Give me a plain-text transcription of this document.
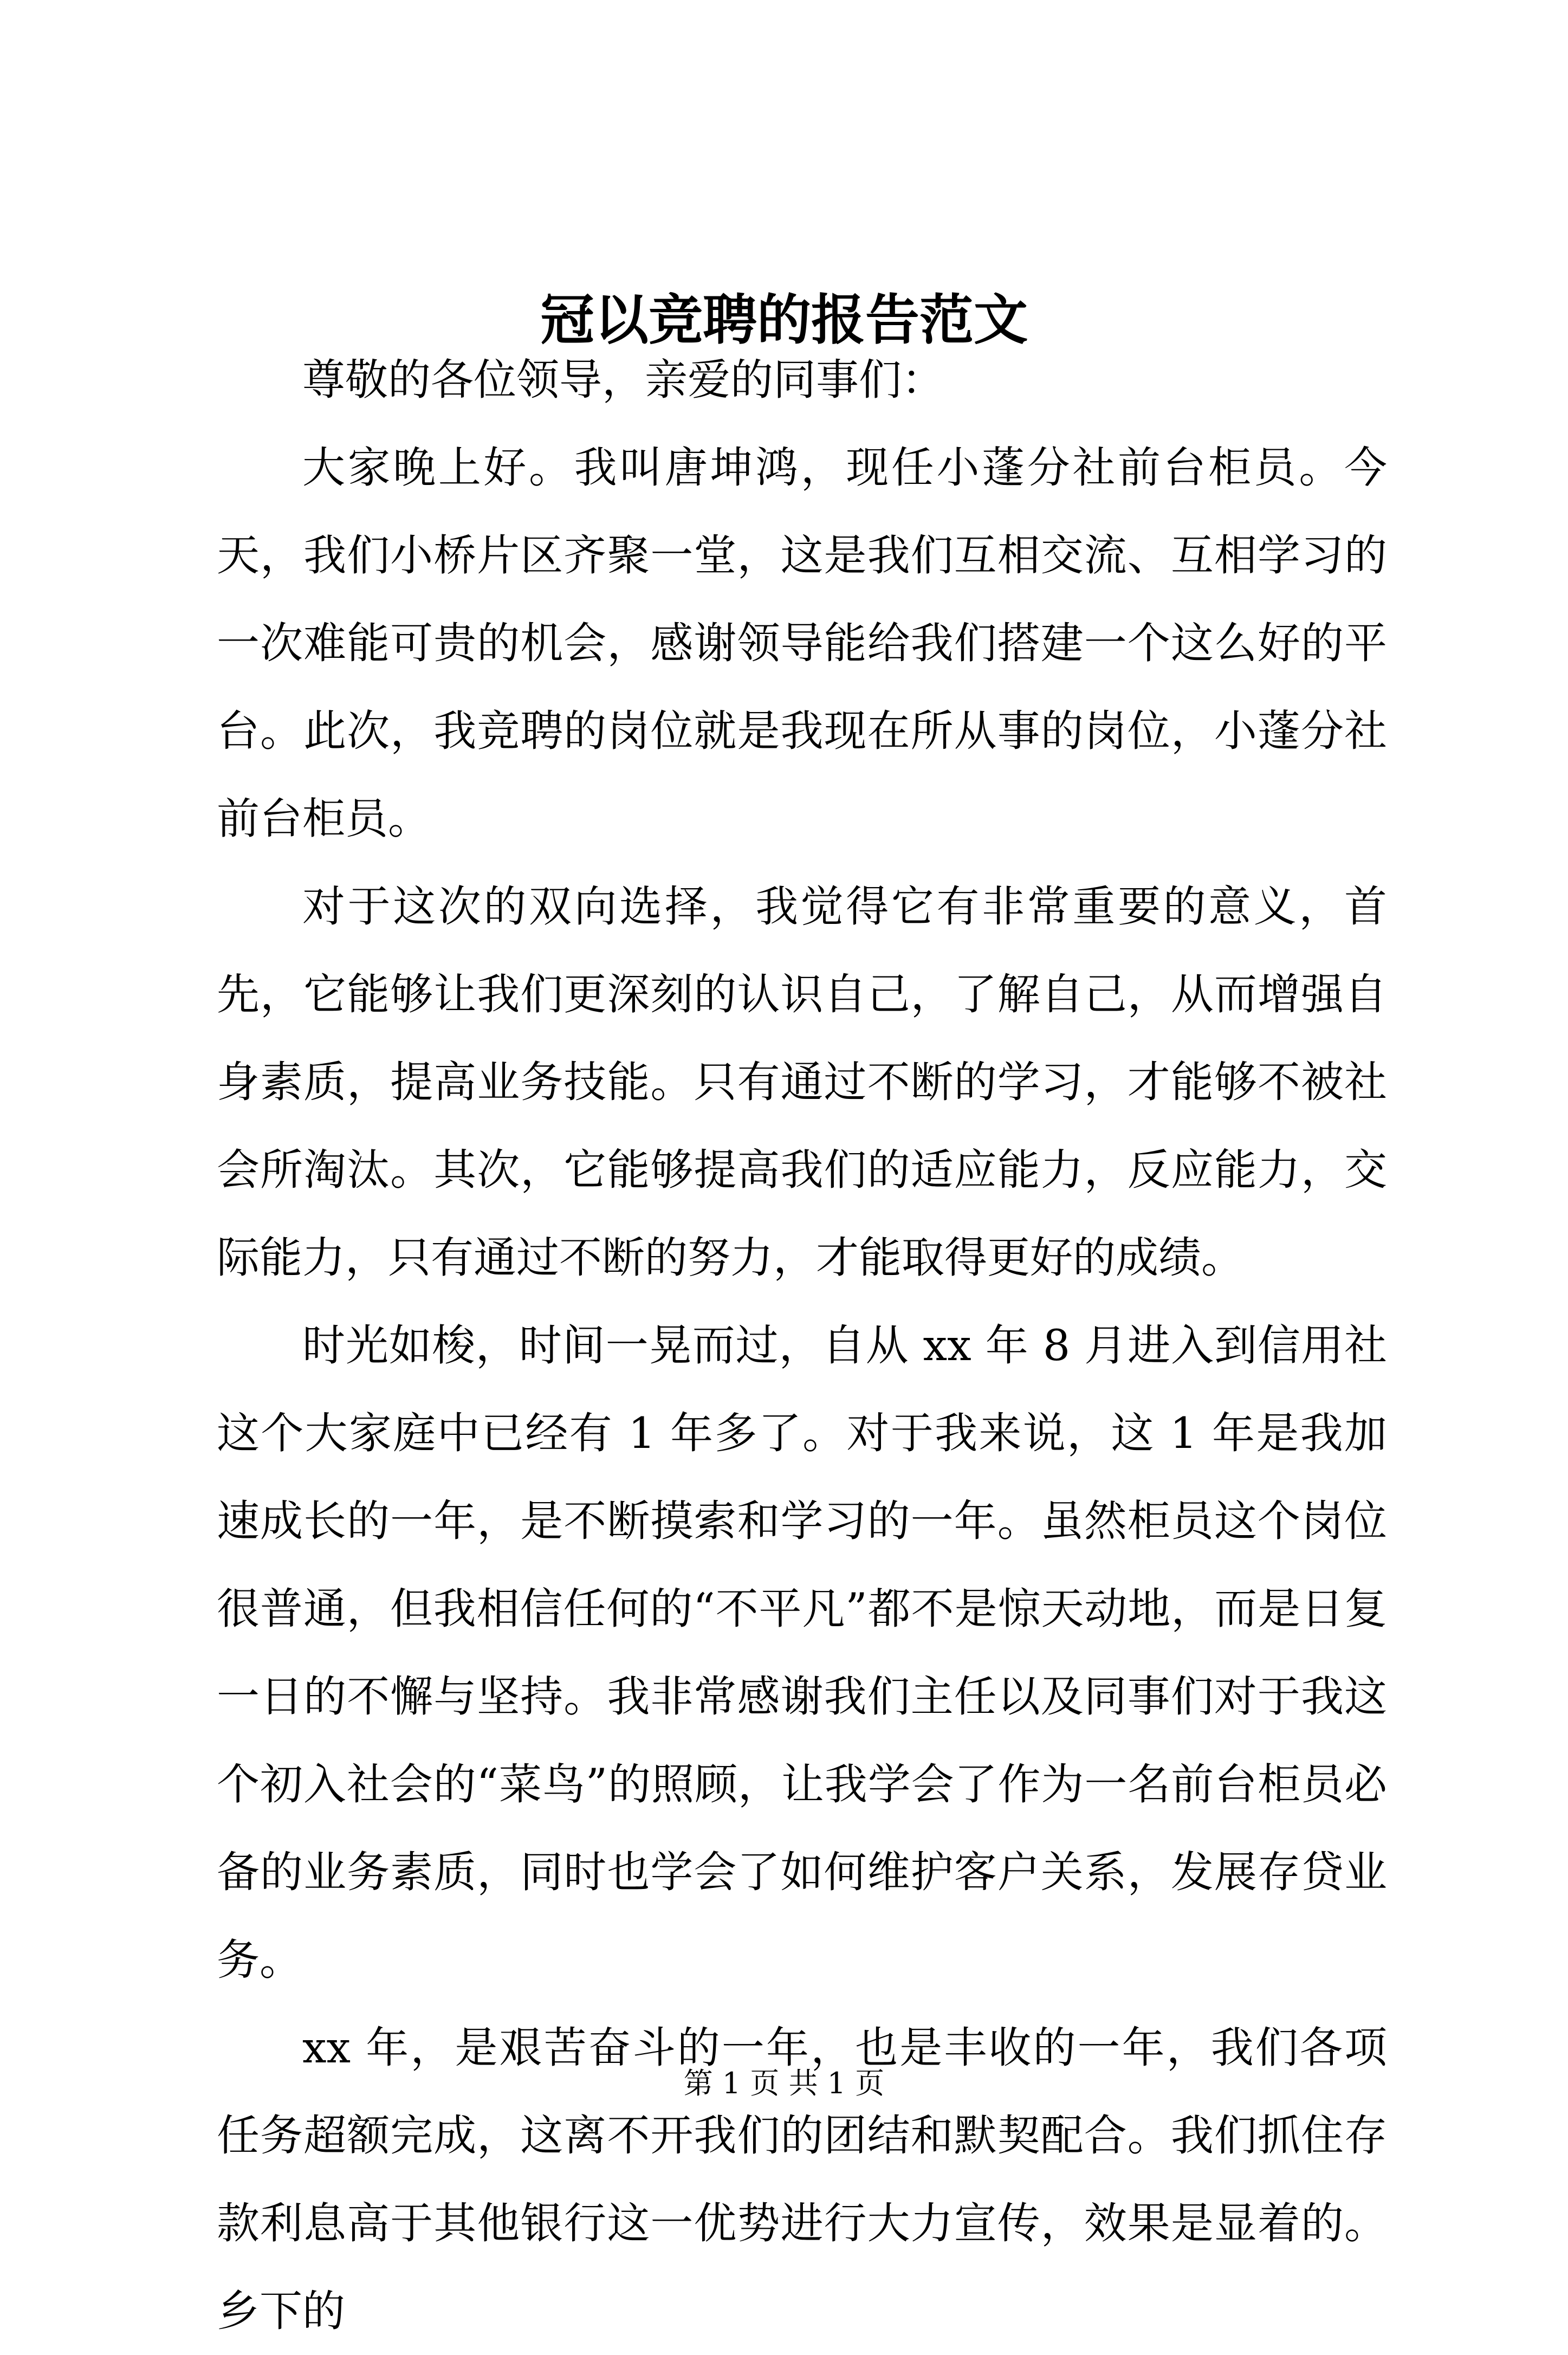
冠以竞聘的报告范文

尊敬的各位领导，亲爱的同事们：

大家晚上好。我叫唐坤鸿，现任小蓬分社前台柜员。今天，我们小桥片区齐聚一堂，这是我们互相交流、互相学习的一次难能可贵的机会，感谢领导能给我们搭建一个这么好的平台。此次，我竞聘的岗位就是我现在所从事的岗位，小蓬分社前台柜员。

对于这次的双向选择，我觉得它有非常重要的意义，首先，它能够让我们更深刻的认识自己，了解自己，从而增强自身素质，提高业务技能。只有通过不断的学习，才能够不被社会所淘汰。其次，它能够提高我们的适应能力，反应能力，交际能力，只有通过不断的努力，才能取得更好的成绩。

时光如梭，时间一晃而过，自从 xx 年 8 月进入到信用社这个大家庭中已经有 1 年多了。对于我来说，这 1 年是我加速成长的一年，是不断摸索和学习的一年。虽然柜员这个岗位很普通，但我相信任何的“不平凡”都不是惊天动地，而是日复一日的不懈与坚持。我非常感谢我们主任以及同事们对于我这个初入社会的“菜鸟”的照顾，让我学会了作为一名前台柜员必备的业务素质，同时也学会了如何维护客户关系，发展存贷业务。

xx 年，是艰苦奋斗的一年，也是丰收的一年，我们各项任务超额完成，这离不开我们的团结和默契配合。我们抓住存款利息高于其他银行这一优势进行大力宣传，效果是显着的。乡下的

第 1 页 共 1 页
